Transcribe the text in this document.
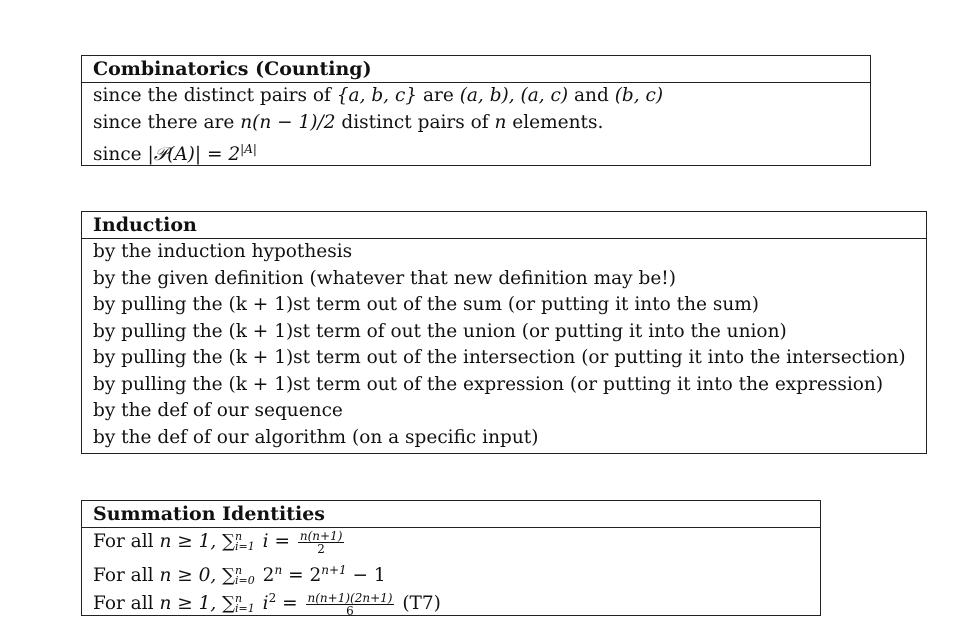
Combinatorics (Counting)
since the distinct pairs of {a, b, c} are (a, b), (a, c) and (b, c)
since there are n(n − 1)/2 distinct pairs of n elements.
since |𝒫(A)| = $2^{|A|}$
Induction
by the induction hypothesis
by the given definition (whatever that new definition may be!)
by pulling the (k + 1)st term out of the sum (or putting it into the sum)
by pulling the (k + 1)st term of out the union (or putting it into the union)
by pulling the (k + 1)st term out of the intersection (or putting it into the intersection)
by pulling the (k + 1)st term out of the expression (or putting it into the expression)
by the def of our sequence
by the def of our algorithm (on a specific input)
Summation Identities
For all n ≥ 1, ∑ n
i=1 $i = \frac{n(n+1)}{2}$
For all n ≥ 0, ∑ n
i=0 $2^n = 2^{n+1} - 1$
For all n ≥ 1, ∑ n
i=1 $i^2 = \frac{n(n+1)(2n+1)}{6} (T7)$
